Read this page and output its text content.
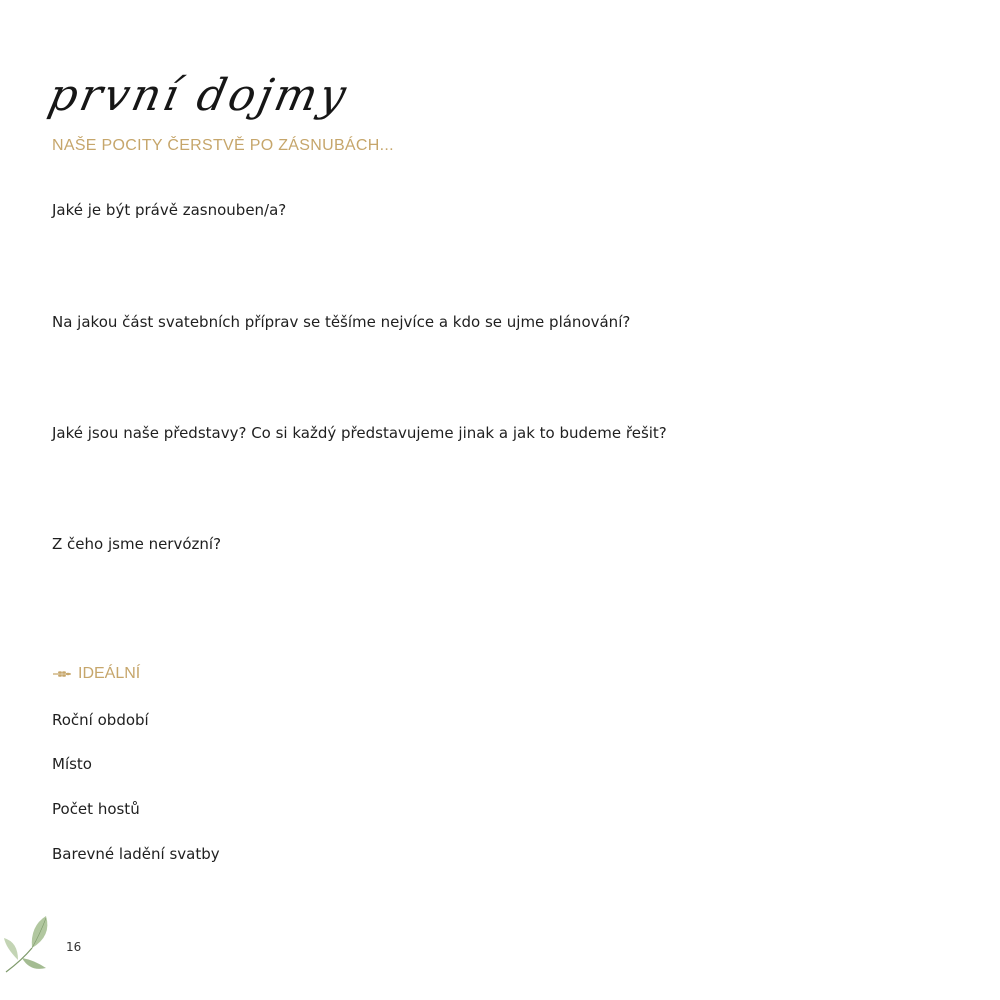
první dojmy
NAŠE POCITY ČERSTVĚ PO ZÁSNUBÁCH...
Jaké je být právě zasnouben/a?
Na jakou část svatebních příprav se těšíme nejvíce a kdo se ujme plánování?
Jaké jsou naše představy? Co si každý představujeme jinak a jak to budeme řešit?
Z čeho jsme nervózní?
IDEÁLNÍ
Roční období
Místo
Počet hostů
Barevné ladění svatby
16
